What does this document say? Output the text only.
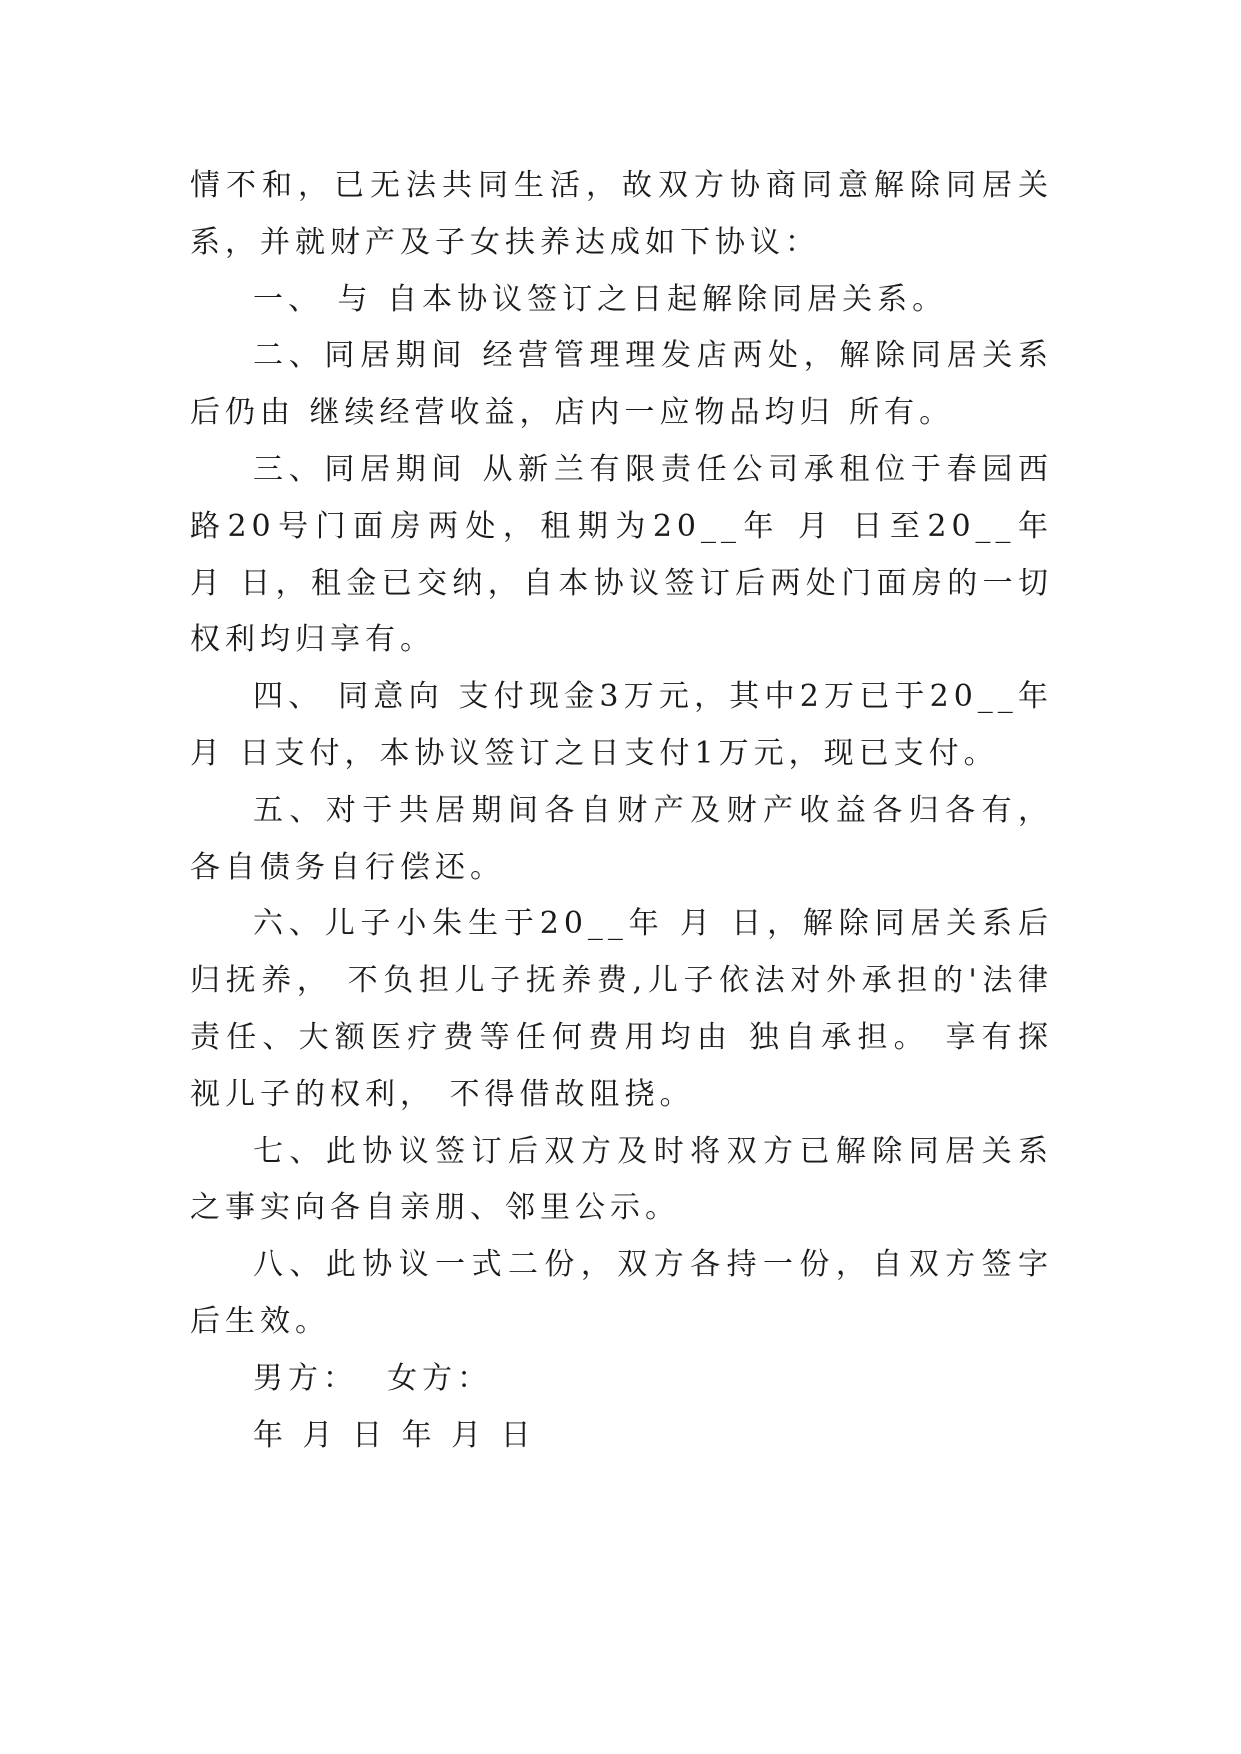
情不和，已无法共同生活，故双方协商同意解除同居关系，并就财产及子女扶养达成如下协议：

一、 与 自本协议签订之日起解除同居关系。

二、同居期间 经营管理理发店两处，解除同居关系后仍由 继续经营收益，店内一应物品均归 所有。

三、同居期间 从新兰有限责任公司承租位于春园西路20号门面房两处，租期为20__年 月 日至20__年 月 日，租金已交纳，自本协议签订后两处门面房的一切权利均归享有。

四、 同意向 支付现金3万元，其中2万已于20__年 月 日支付，本协议签订之日支付1万元，现已支付。

五、对于共居期间各自财产及财产收益各归各有，各自债务自行偿还。

六、儿子小朱生于20__年 月 日，解除同居关系后归抚养， 不负担儿子抚养费,儿子依法对外承担的'法律责任、大额医疗费等任何费用均由 独自承担。 享有探视儿子的权利， 不得借故阻挠。

七、此协议签订后双方及时将双方已解除同居关系之事实向各自亲朋、邻里公示。

八、此协议一式二份，双方各持一份，自双方签字后生效。

男方：  女方：

年 月 日 年 月 日
